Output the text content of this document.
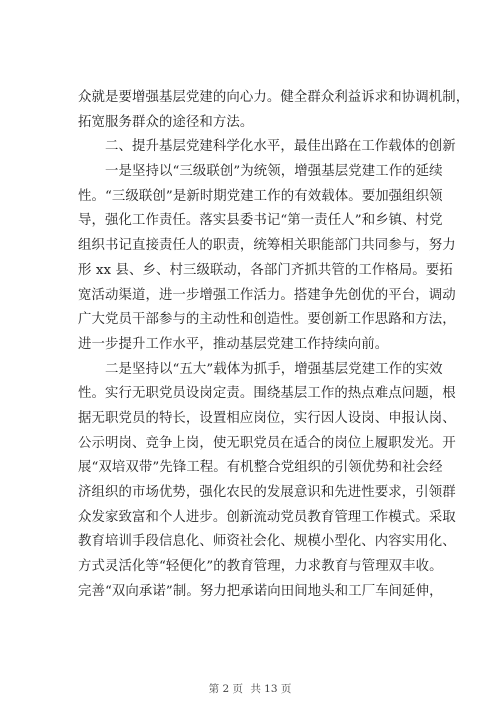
众就是要增强基层党建的向心力。健全群众利益诉求和协调机制，
拓宽服务群众的途径和方法。
二、提升基层党建科学化水平，最佳出路在工作载体的创新
一是坚持以“三级联创”为统领，增强基层党建工作的延续
性。“三级联创”是新时期党建工作的有效载体。要加强组织领
导，强化工作责任。落实县委书记“第一责任人”和乡镇、村党
组织书记直接责任人的职责，统筹相关职能部门共同参与，努力
形 xx 县、乡、村三级联动，各部门齐抓共管的工作格局。要拓
宽活动渠道，进一步增强工作活力。搭建争先创优的平台，调动
广大党员干部参与的主动性和创造性。要创新工作思路和方法，
进一步提升工作水平，推动基层党建工作持续向前。
二是坚持以“五大”载体为抓手，增强基层党建工作的实效
性。实行无职党员设岗定责。围绕基层工作的热点难点问题，根
据无职党员的特长，设置相应岗位，实行因人设岗、申报认岗、
公示明岗、竞争上岗，使无职党员在适合的岗位上履职发光。开
展“双培双带”先锋工程。有机整合党组织的引领优势和社会经
济组织的市场优势，强化农民的发展意识和先进性要求，引领群
众发家致富和个人进步。创新流动党员教育管理工作模式。采取
教育培训手段信息化、师资社会化、规模小型化、内容实用化、
方式灵活化等“轻便化”的教育管理，力求教育与管理双丰收。
完善“双向承诺”制。努力把承诺向田间地头和工厂车间延伸，
第 2 页 共 13 页
